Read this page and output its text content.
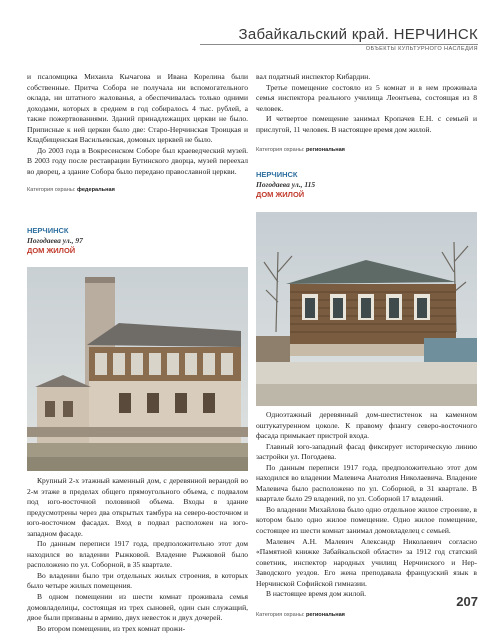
Забайкальский край. НЕРЧИНСК
ОБЪЕКТЫ КУЛЬТУРНОГО НАСЛЕДИЯ

и псаломщика Михаила Кычагова и Ивана Корелина были собственные. Притча Собора не получала ни вспомогательного оклада, ни штатного жалованья, а обеспечивалась только одними доходами, которых в среднем в год собиралось 4 тыс. рублей, а также пожертвованиями. Зданий принадлежащих церкви не было. Приписные к ней церкви было две: Старо-Нерчинская Троицкая и Кладбищенская Васильевская, домовых церквей не было.

До 2003 года в Вокресенском Соборе был краеведческий музей. В 2003 году после реставрации Бутинского дворца, музей переехал во дворец, а здание Собора было передано православной церкви.

Категория охраны: федеральная
НЕРЧИНСК
Погодаева ул., 97
ДОМ ЖИЛОЙ

Крупный 2-х этажный каменный дом, с деревянной верандой во 2-м этаже в пределах общего прямоугольного объема, с подвалом под юго-восточной половиной объема. Входы в здание предусмотрены через два открытых тамбура на северо-восточном и юго-восточном фасадах. Вход в подвал расположен на юго-западном фасаде.

По данным переписи 1917 года, предположительно этот дом находился во владении Рыжковой. Владение Рыжковой было расположено по ул. Соборной, в 35 квартале.

Во владении было три отдельных жилых строения, в которых было четыре жилых помещения.

В одном помещении из шести комнат проживала семья домовладелицы, состоящая из трех сыновей, один сын служащий, двое были призваны в армию, двух невесток и двух дочерей.

Во втором помещении, из трех комнат прожи-

вал податный инспектор Кибардин.

Третье помещение состояло из 5 комнат и в нем проживала семья инспектора реального училища Леонтьева, состоящая из 8 человек.

И четвертое помещение занимал Кропачев Е.Н. с семьей и прислугой, 11 человек. В настоящее время дом жилой.

Категория охраны: региональная
НЕРЧИНСК
Погодаева ул., 115
ДОМ ЖИЛОЙ

Одноэтажный деревянный дом-шестистенок на каменном оштукатуренном цоколе. К правому флангу северо-восточного фасада примыкает пристрой входа.

Главный юго-западный фасад фиксирует историческую линию застройки ул. Погодаева.

По данным переписи 1917 года, предположительно этот дом находился во владении Малевича Анатолия Николаевича. Владение Малевича было расположено по ул. Соборной, в 31 квартале. В квартале было 29 владений, по ул. Соборной 17 владений.

Во владении Михайлова было одно отдельное жилое строение, в котором было одно жилое помещение. Одно жилое помещение, состоящее из шести комнат занимал домовладелец с семьей.

Малевич А.Н. Малевич Александр Николаевич согласно «Памятной книжке Забайкальской области» за 1912 год статский советник, инспектор народных училищ Нерчинского и Нер-Заводского уездов. Его жена преподавала французский язык в Нерчинской Софийской гимназии.

В настоящее время дом жилой.

Категория охраны: региональная
207
